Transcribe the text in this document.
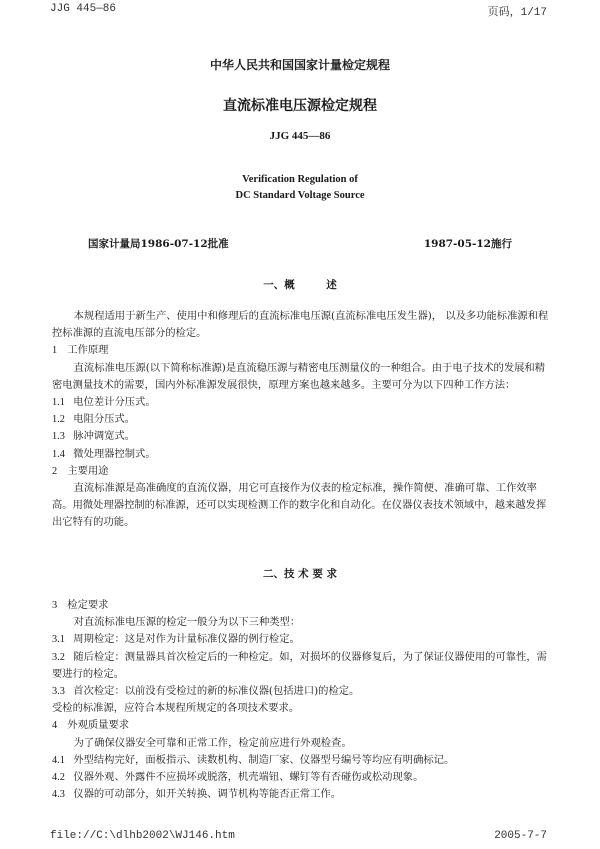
JJG 445—86	页码，1/17
中华人民共和国国家计量检定规程
直流标准电压源检定规程
JJG 445—86
Verification Regulation of
DC Standard Voltage Source
国家计量局1986-07-12批准	1987-05-12施行
一、概　　　述

本规程适用于新生产、使用中和修理后的直流标准电压源(直流标准电压发生器)， 以及多功能标准源和程控标准源的直流电压部分的检定。

1 工作原理

直流标准电压源(以下简称标准源)是直流稳压源与精密电压测量仪的一种组合。由于电子技术的发展和精密电测量技术的需要，国内外标准源发展很快，原理方案也越来越多。主要可分为以下四种工作方法：

1.1 电位差计分压式。

1.2 电阻分压式。

1.3 脉冲调宽式。

1.4 微处理器控制式。

2 主要用途

直流标准源是高准确度的直流仪器，用它可直接作为仪表的检定标准，操作简便、准确可靠、工作效率高。用微处理器控制的标准源，还可以实现检测工作的数字化和自动化。在仪器仪表技术领域中，越来越发挥出它特有的功能。

二、技 术 要 求

3 检定要求

对直流标准电压源的检定一般分为以下三种类型：

3.1 周期检定：这是对作为计量标准仪器的例行检定。

3.2 随后检定：测量器具首次检定后的一种检定。如，对损坏的仪器修复后，为了保证仪器使用的可靠性，需要进行的检定。

3.3 首次检定：以前没有受检过的新的标准仪器(包括进口)的检定。

受检的标准源，应符合本规程所规定的各项技术要求。

4 外观质量要求

为了确保仪器安全可靠和正常工作，检定前应进行外观检查。

4.1 外型结构完好，面板指示、读数机构、制造厂家、仪器型号编号等均应有明确标记。

4.2 仪器外观、外露件不应损坏或脱落，机壳端钮、螺钉等有否碰伤或松动现象。

4.3 仪器的可动部分，如开关转换、调节机构等能否正常工作。

file://C:\dlhb2002\WJ146.htm	2005-7-7
